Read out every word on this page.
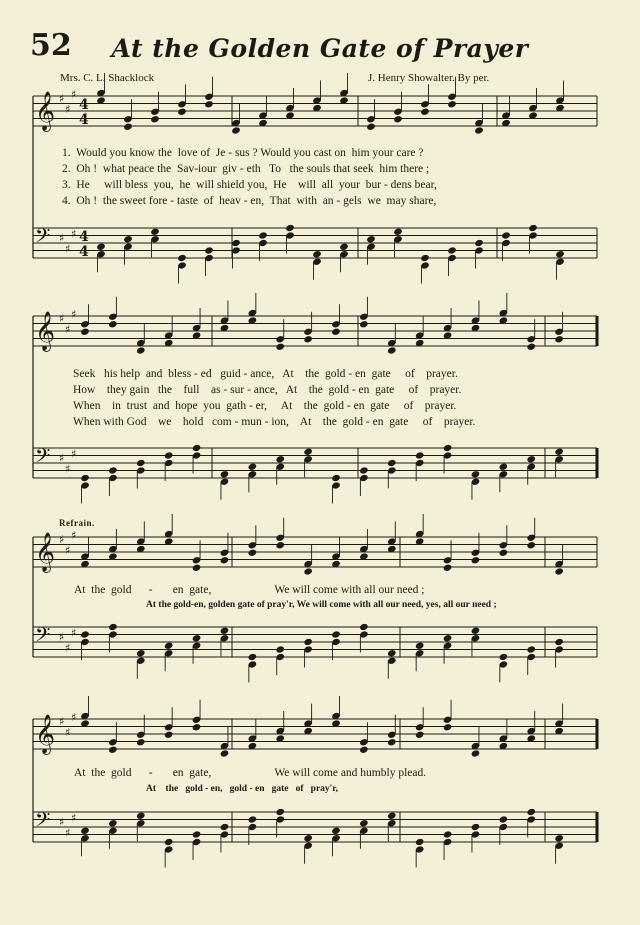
52	At the Golden Gate of Prayer
Mrs. C. L. Shacklock	J. Henry Showalter. By per.
𝄞 ♯
♯
♯
4
4
𝄢 ♯
♯
♯ 4
4
𝄞 ♯
♯
♯
𝄢 ♯
♯
♯
𝄞 ♯
♯
♯
𝄢 ♯
♯
♯
𝄞 ♯
♯
♯
𝄢 ♯
♯
♯
1. Would you know the  love of  Je - sus ? Would you cast on  him your care ?
2. Oh !  what peace the  Sav-iour  giv - eth   To   the souls that seek  him there ;
3. He     will bless  you,  he  will shield you,  He    will  all  your  bur - dens bear,
4. Oh !  the sweet fore - taste  of  heav - en,  That  with  an - gels  we  may share,
Seek   his help  and  bless - ed   guid - ance,   At    the  gold - en  gate     of    prayer.
How    they gain   the    full    as - sur - ance,   At    the  gold - en  gate     of    prayer.
When    in  trust  and  hope  you  gath - er,     At    the  gold - en  gate     of    prayer.
When with God    we    hold   com - mun - ion,    At    the  gold - en  gate     of    prayer.
Refrain.
At  the  gold      -       en  gate,                      We will come with all our need ;
At the gold-en, golden gate of pray'r, We will come with all our need, yes, all our need ;
At  the  gold      -       en  gate,                      We will come and humbly plead.
At    the   gold - en,   gold - en   gate   of   pray'r,
